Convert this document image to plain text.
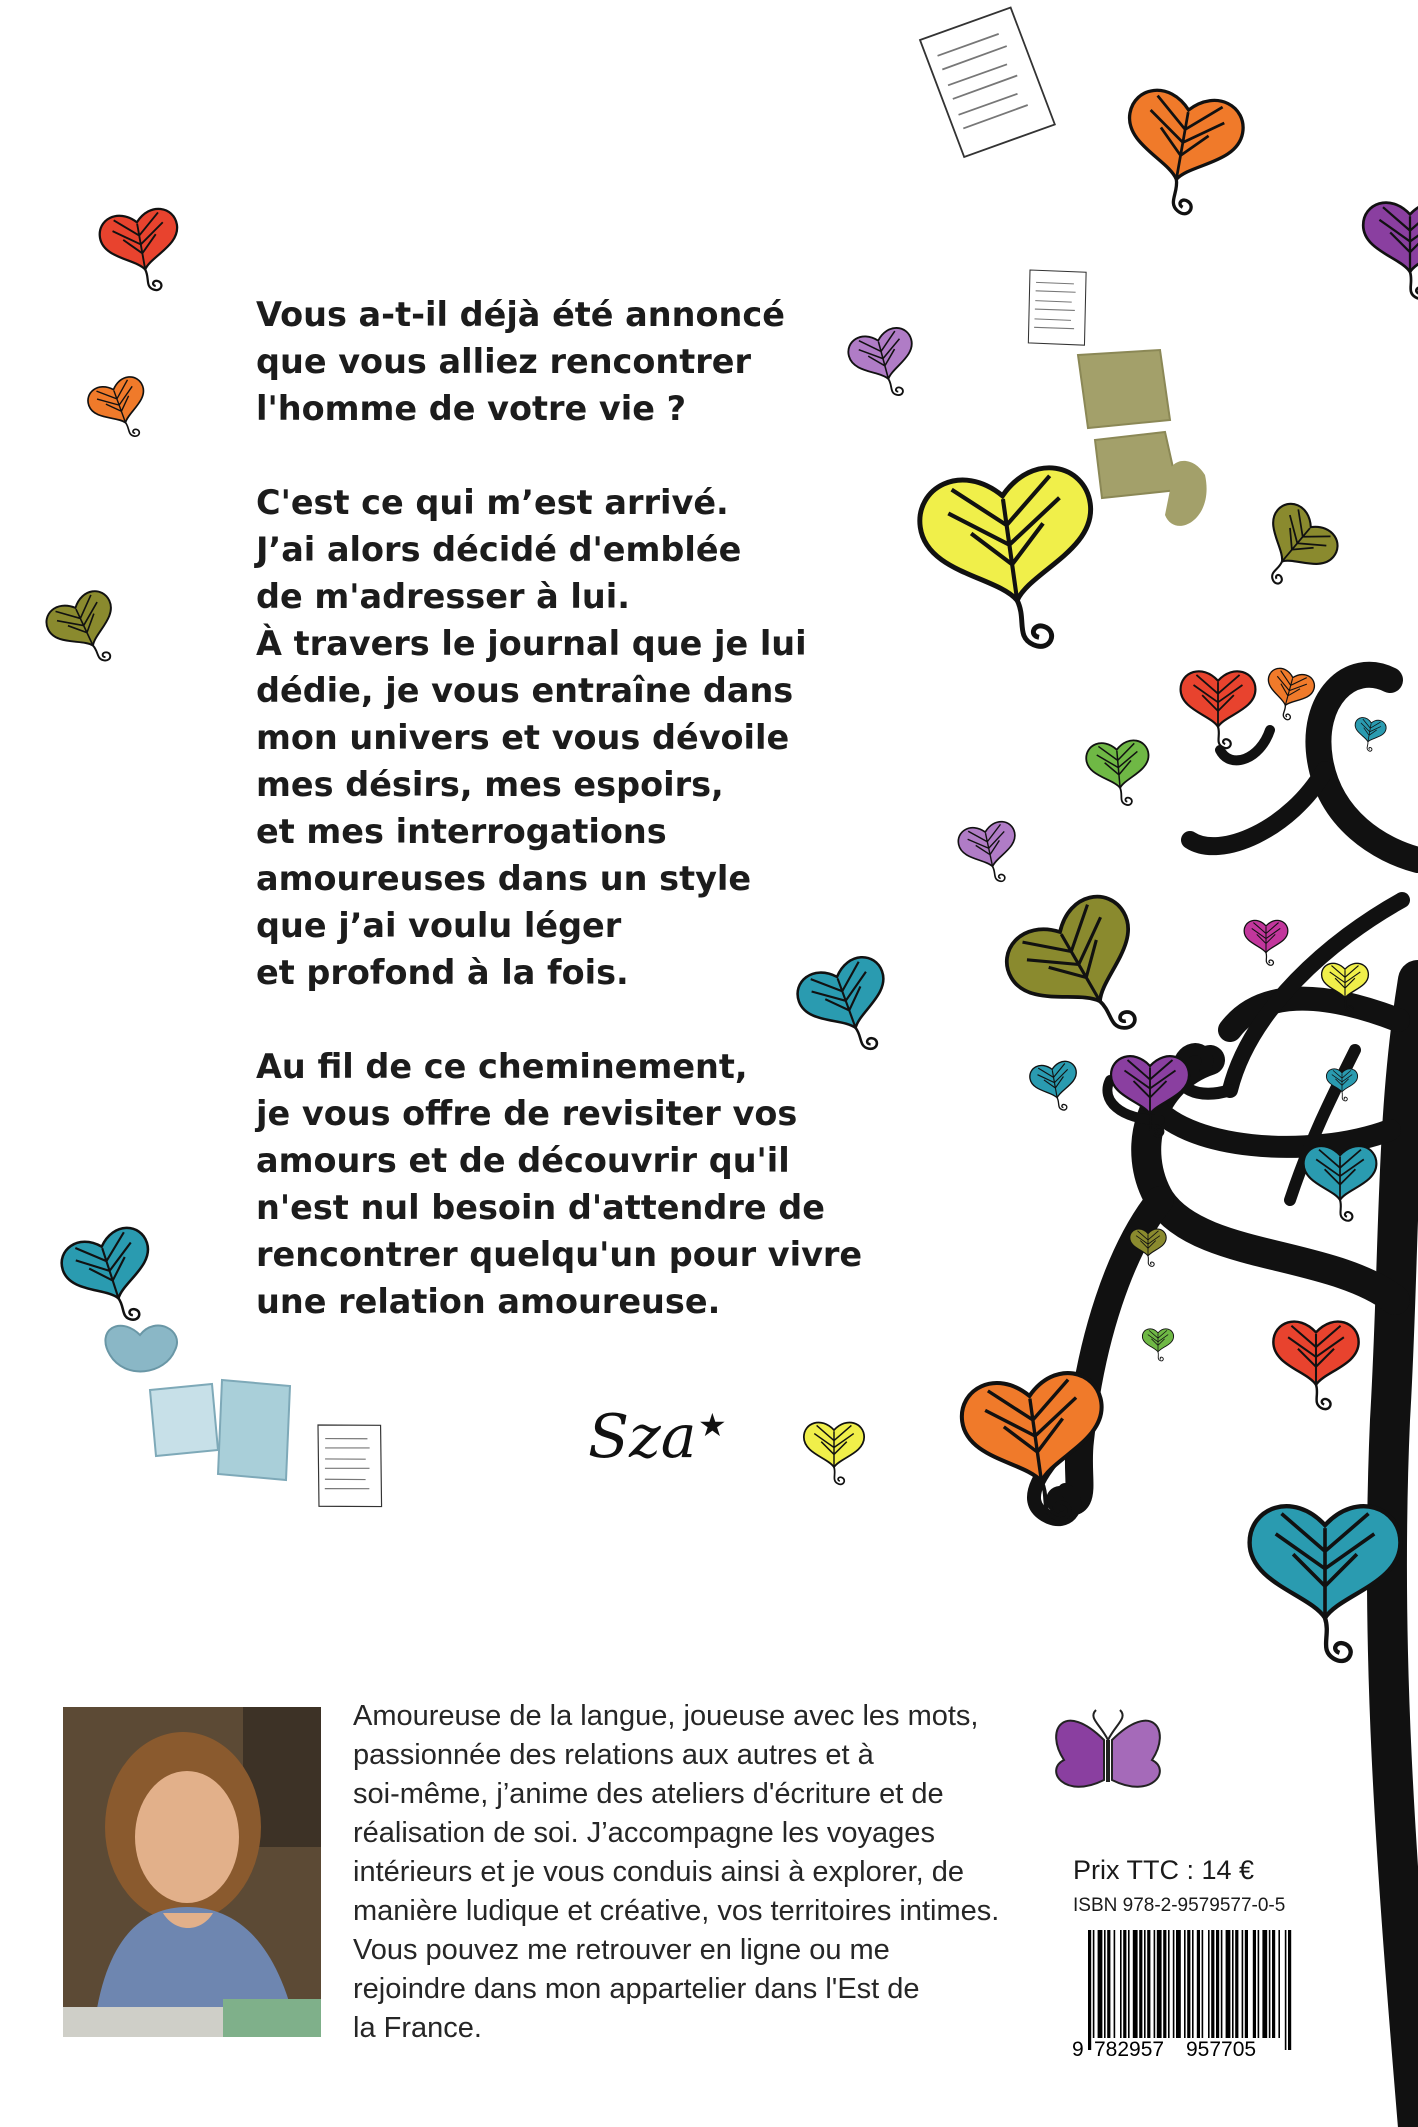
Vous a-t-il déjà été annoncé
que vous alliez rencontrer
l'homme de votre vie ?

C'est ce qui m’est arrivé.
J’ai alors décidé d'emblée
de m'adresser à lui.
À travers le journal que je lui
dédie, je vous entraîne dans
mon univers et vous dévoile
mes désirs, mes espoirs,
et mes interrogations
amoureuses dans un style
que j’ai voulu léger
et profond à la fois.

Au fil de ce cheminement,
je vous offre de revisiter vos
amours et de découvrir qu'il
n'est nul besoin d'attendre de
rencontrer quelqu'un pour vivre
une relation amoureuse.

Sza ★
Amoureuse de la langue, joueuse avec les mots,
passionnée des relations aux autres et à
soi-même, j’anime des ateliers d'écriture et de
réalisation de soi. J’accompagne les voyages
intérieurs et je vous conduis ainsi à explorer, de
manière ludique et créative, vos territoires intimes.
Vous pouvez me retrouver en ligne ou me
rejoindre dans mon appartelier dans l'Est de
la France.
Prix TTC : 14 €
ISBN 978-2-9579577-0-5
9 782957 957705
